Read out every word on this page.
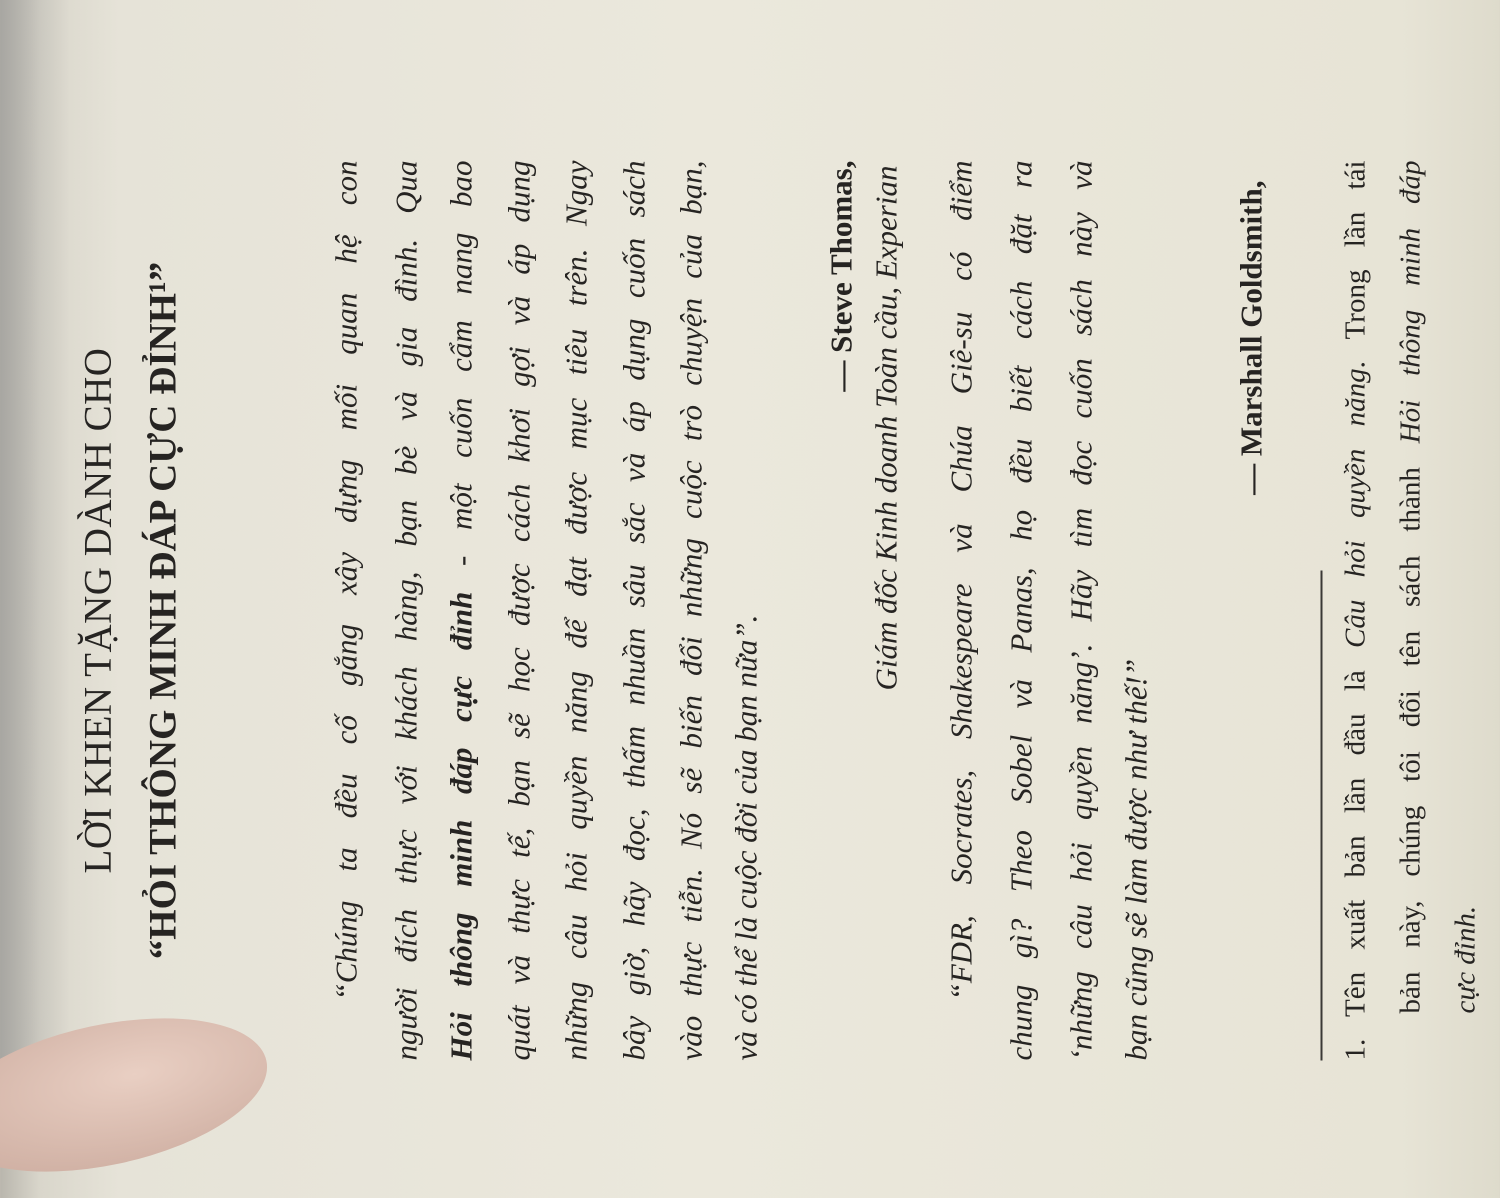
LỜI KHEN TẶNG DÀNH CHO “HỎI THÔNG MINH ĐÁP CỰC ĐỈNH¹”	“Chúng ta đều cố gắng xây dựng mối quan hệ con người đích thực với khách hàng, bạn bè và gia đình. Qua Hỏi thông minh đáp cực đỉnh - một cuốn cẩm nang bao quát và thực tế, bạn sẽ học được cách khơi gợi và áp dụng những câu hỏi quyền năng để đạt được mục tiêu trên. Ngay bây giờ, hãy đọc, thấm nhuần sâu sắc và áp dụng cuốn sách vào thực tiễn. Nó sẽ biến đổi những cuộc trò chuyện của bạn, và có thể là cuộc đời của bạn nữa”.
— Steve Thomas, Giám đốc Kinh doanh Toàn cầu, Experian	“FDR, Socrates, Shakespeare và Chúa Giê-su có điểm chung gì? Theo Sobel và Panas, họ đều biết cách đặt ra ‘những câu hỏi quyền năng’. Hãy tìm đọc cuốn sách này và bạn cũng sẽ làm được như thế!”
— Marshall Goldsmith,
1. Tên xuất bản lần đầu là Câu hỏi quyền năng. Trong lần tái
bản này, chúng tôi đổi tên sách thành Hỏi thông minh đáp
cực đỉnh.
